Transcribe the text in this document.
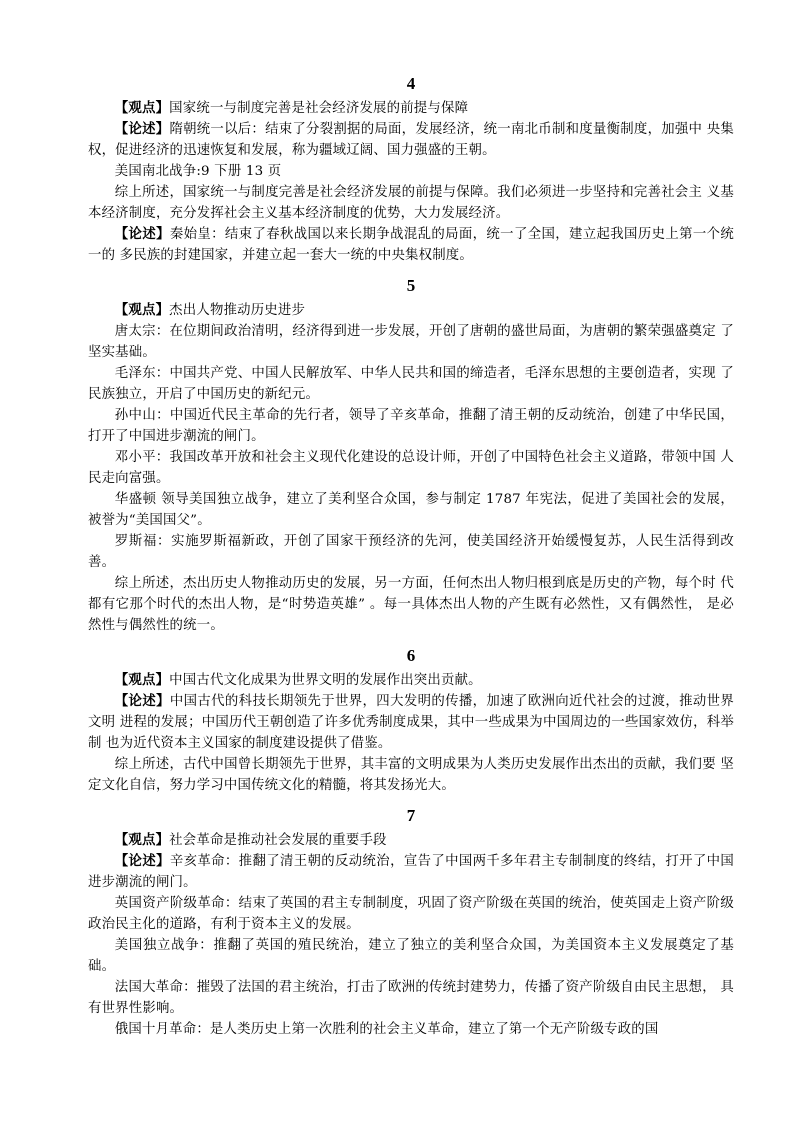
4

【观点】国家统一与制度完善是社会经济发展的前提与保障

【论述】隋朝统一以后：结束了分裂割据的局面，发展经济，统一南北币制和度量衡制度，加强中 央集权，促进经济的迅速恢复和发展，称为疆域辽阔、国力强盛的王朝。

美国南北战争:9 下册 13 页

综上所述，国家统一与制度完善是社会经济发展的前提与保障。我们必须进一步坚持和完善社会主 义基本经济制度，充分发挥社会主义基本经济制度的优势，大力发展经济。

【论述】秦始皇：结束了春秋战国以来长期争战混乱的局面，统一了全国，建立起我国历史上第一个统一的 多民族的封建国家，并建立起一套大一统的中央集权制度。

5

【观点】杰出人物推动历史进步

唐太宗：在位期间政治清明，经济得到进一步发展，开创了唐朝的盛世局面，为唐朝的繁荣强盛奠定 了坚实基础。

毛泽东：中国共产党、中国人民解放军、中华人民共和国的缔造者，毛泽东思想的主要创造者，实现 了民族独立，开启了中国历史的新纪元。

孙中山：中国近代民主革命的先行者，领导了辛亥革命，推翻了清王朝的反动统治，创建了中华民国， 打开了中国进步潮流的闸门。

邓小平：我国改革开放和社会主义现代化建设的总设计师，开创了中国特色社会主义道路，带领中国 人民走向富强。

华盛顿 领导美国独立战争，建立了美利坚合众国，参与制定 1787 年宪法，促进了美国社会的发展， 被誉为“美国国父”。

罗斯福：实施罗斯福新政，开创了国家干预经济的先河，使美国经济开始缓慢复苏，人民生活得到改 善。

综上所述，杰出历史人物推动历史的发展，另一方面，任何杰出人物归根到底是历史的产物，每个时 代都有它那个时代的杰出人物，是“时势造英雄” 。每一具体杰出人物的产生既有必然性，又有偶然性， 是必然性与偶然性的统一。

6

【观点】中国古代文化成果为世界文明的发展作出突出贡献。

【论述】中国古代的科技长期领先于世界，四大发明的传播，加速了欧洲向近代社会的过渡，推动世界文明 进程的发展；中国历代王朝创造了许多优秀制度成果，其中一些成果为中国周边的一些国家效仿，科举制 也为近代资本主义国家的制度建设提供了借鉴。

综上所述，古代中国曾长期领先于世界，其丰富的文明成果为人类历史发展作出杰出的贡献，我们要 坚定文化自信，努力学习中国传统文化的精髓，将其发扬光大。

7

【观点】社会革命是推动社会发展的重要手段

【论述】辛亥革命：推翻了清王朝的反动统治，宣告了中国两千多年君主专制制度的终结，打开了中国进步潮流的闸门。

英国资产阶级革命：结束了英国的君主专制制度，巩固了资产阶级在英国的统治，使英国走上资产阶级政治民主化的道路，有利于资本主义的发展。

美国独立战争：推翻了英国的殖民统治，建立了独立的美利坚合众国，为美国资本主义发展奠定了基础。

法国大革命：摧毁了法国的君主统治，打击了欧洲的传统封建势力，传播了资产阶级自由民主思想， 具有世界性影响。

俄国十月革命：是人类历史上第一次胜利的社会主义革命，建立了第一个无产阶级专政的国
